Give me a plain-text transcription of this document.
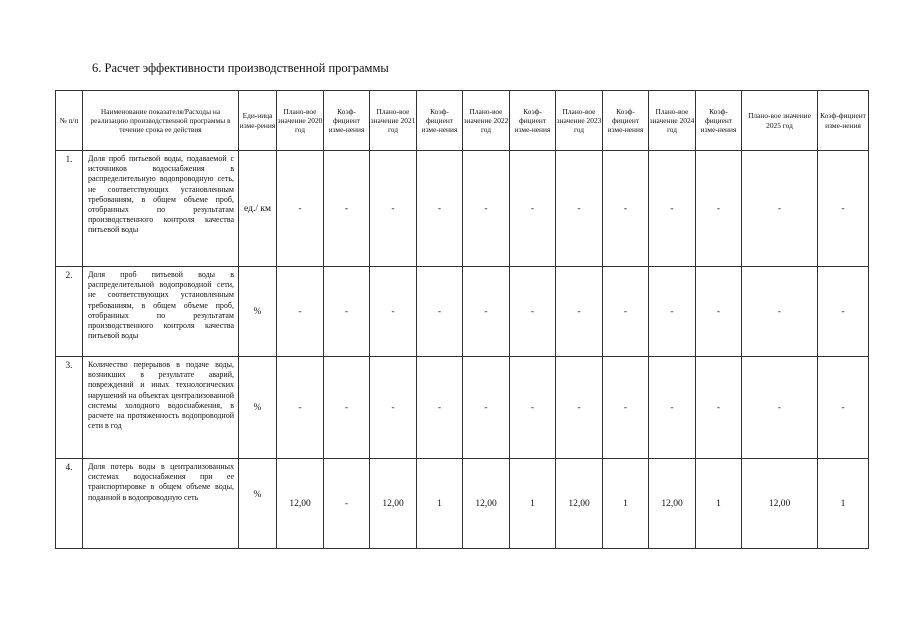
6. Расчет эффективности производственной программы
№ п/п	Наименование показателя/Расходы на реализацию производственной программы в течение срока ее действия	Еди-ница изме-рения	Плано-вое значение 2020 год	Коэф-фициент изме-нения	Плано-вое значение 2021 год	Коэф-фициент изме-нения	Плано-вое значение 2022 год	Коэф-фициент изме-нения	Плано-вое значение 2023 год	Коэф-фициент изме-нения	Плано-вое значение 2024 год	Коэф-фициент изме-нения	Плано-вое значение 2025 год	Коэф-фициент изме-нения
1.	Доля проб питьевой воды, подаваемой с источников водоснабжения в распределительную водопроводную сеть, не соответствующих установленным требованиям, в общем объеме проб, отобранных по результатам производственного контроля качества питьевой воды	ед./ км	-	-	-	-	-	-	-	-	-	-	-	-
2.	Доля проб питьевой воды в распределительной водопроводной сети, не соответствующих установленным требованиям, в общем объеме проб, отобранных по результатам производственного контроля качества питьевой воды	%	-	-	-	-	-	-	-	-	-	-	-	-
3.	Количество перерывов в подаче воды, возникших в результате аварий, повреждений и иных технологических нарушений на объектах централизованной системы холодного водоснабжения, в расчете на протяженность водопроводной сети в год	%	-	-	-	-	-	-	-	-	-	-	-	-
4.	Доля потерь воды в централизованных системах водоснабжения при ее транспортировке в общем объеме воды, поданной в водопроводную сеть	%	12,00	-	12,00	1	12,00	1	12,00	1	12,00	1	12,00	1
